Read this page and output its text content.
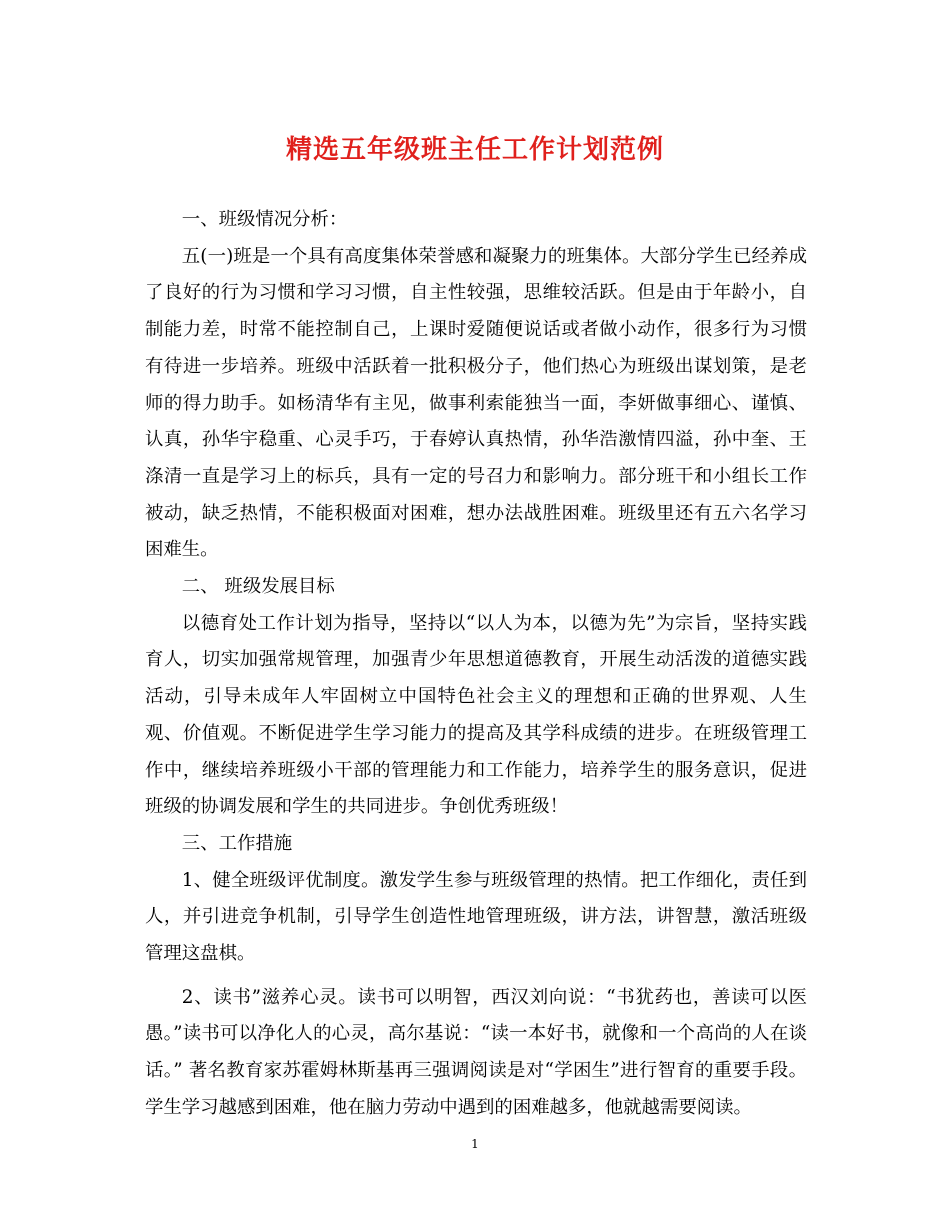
精选五年级班主任工作计划范例

一、班级情况分析：

五(一)班是一个具有高度集体荣誉感和凝聚力的班集体。大部分学生已经养成了良好的行为习惯和学习习惯，自主性较强，思维较活跃。但是由于年龄小，自制能力差，时常不能控制自己，上课时爱随便说话或者做小动作，很多行为习惯有待进一步培养。班级中活跃着一批积极分子，他们热心为班级出谋划策，是老师的得力助手。如杨清华有主见，做事利索能独当一面，李妍做事细心、谨慎、认真，孙华宇稳重、心灵手巧，于春婷认真热情，孙华浩激情四溢，孙中奎、王涤清一直是学习上的标兵，具有一定的号召力和影响力。部分班干和小组长工作被动，缺乏热情，不能积极面对困难，想办法战胜困难。班级里还有五六名学习困难生。

二、 班级发展目标

以德育处工作计划为指导，坚持以“以人为本，以德为先”为宗旨，坚持实践育人，切实加强常规管理，加强青少年思想道德教育，开展生动活泼的道德实践活动，引导未成年人牢固树立中国特色社会主义的理想和正确的世界观、人生观、价值观。不断促进学生学习能力的提高及其学科成绩的进步。在班级管理工作中，继续培养班级小干部的管理能力和工作能力，培养学生的服务意识，促进班级的协调发展和学生的共同进步。争创优秀班级！

三、工作措施

1、健全班级评优制度。激发学生参与班级管理的热情。把工作细化，责任到人，并引进竞争机制，引导学生创造性地管理班级，讲方法，讲智慧，激活班级管理这盘棋。

2、读书”滋养心灵。读书可以明智，西汉刘向说：“书犹药也，善读可以医愚。”读书可以净化人的心灵，高尔基说：“读一本好书，就像和一个高尚的人在谈话。” 著名教育家苏霍姆林斯基再三强调阅读是对“学困生”进行智育的重要手段。学生学习越感到困难，他在脑力劳动中遇到的困难越多，他就越需要阅读。

1
